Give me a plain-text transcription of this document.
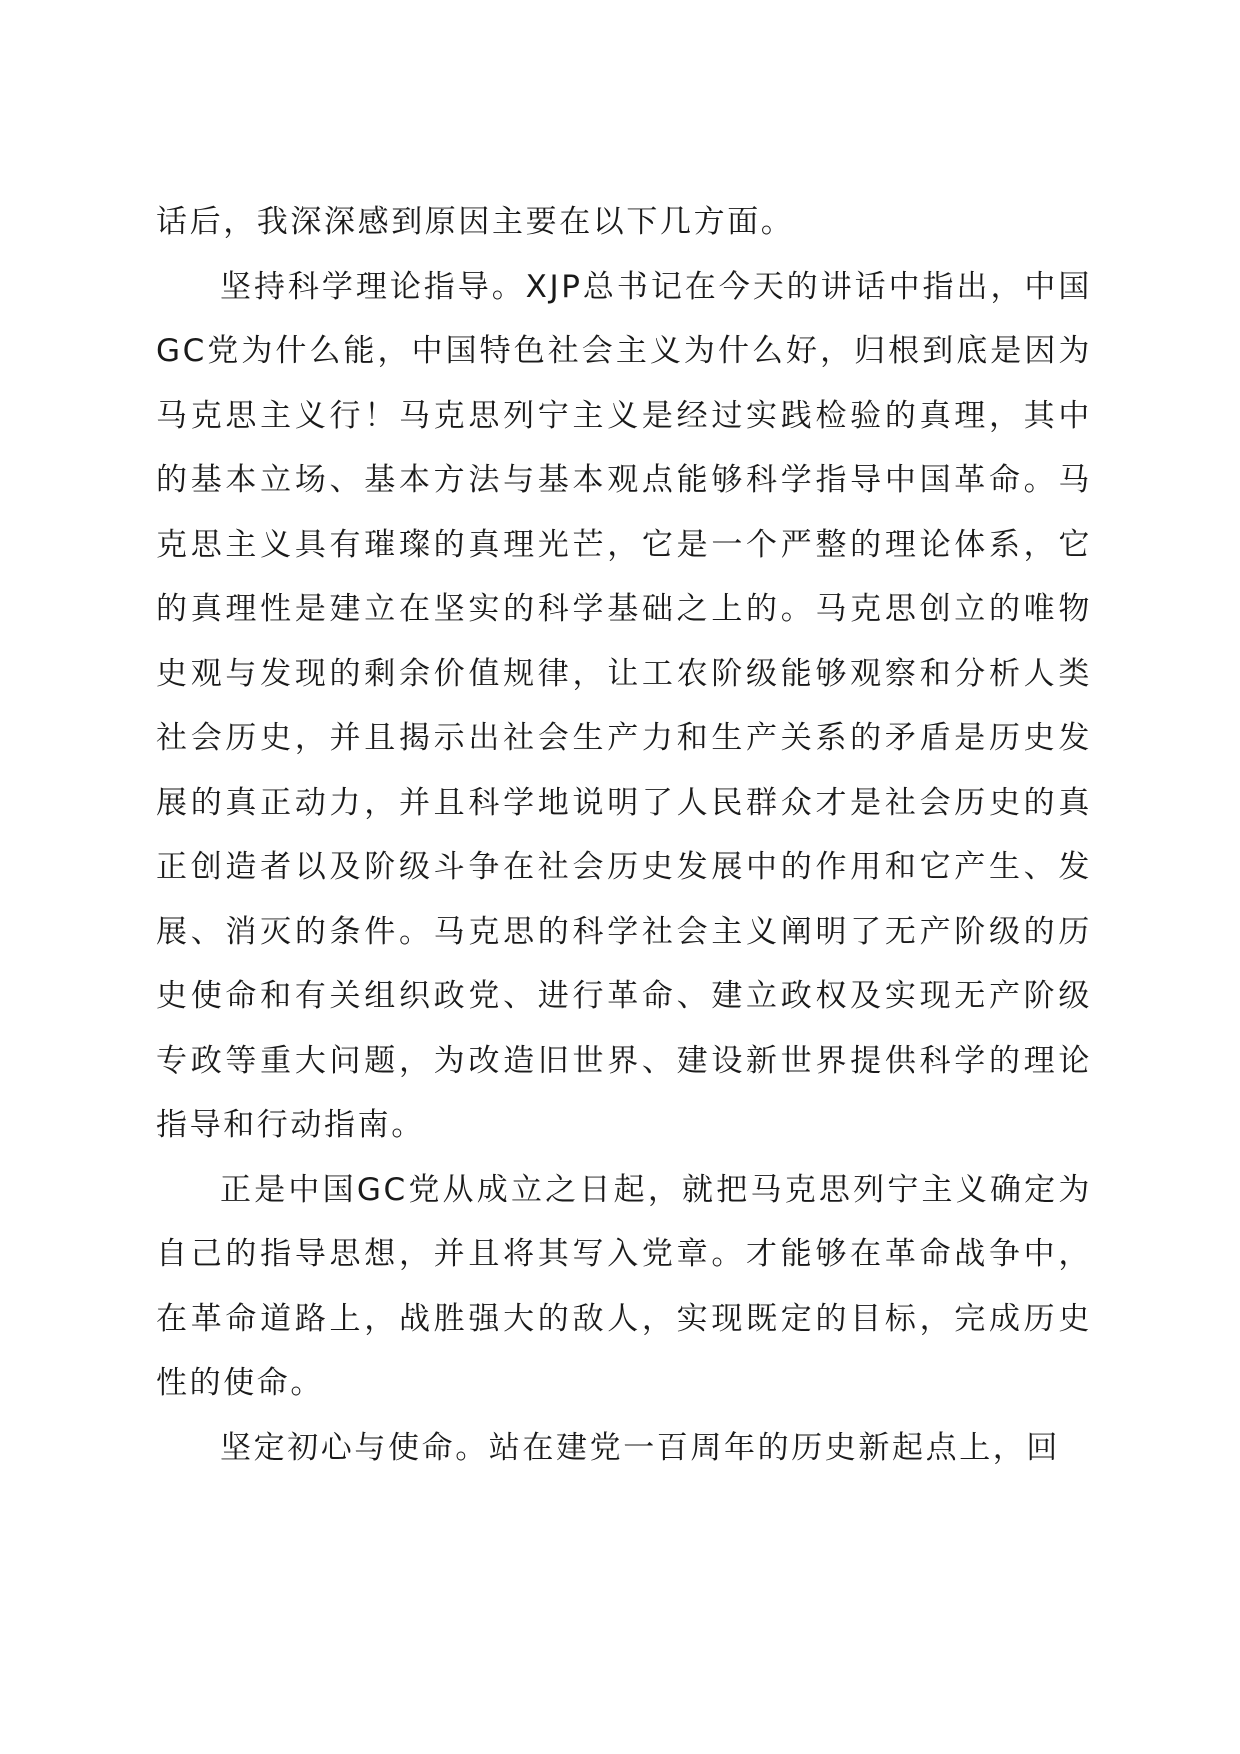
话后，我深深感到原因主要在以下几方面。

坚持科学理论指导。XJP总书记在今天的讲话中指出，中国GC党为什么能，中国特色社会主义为什么好，归根到底是因为马克思主义行！马克思列宁主义是经过实践检验的真理，其中的基本立场、基本方法与基本观点能够科学指导中国革命。马克思主义具有璀璨的真理光芒，它是一个严整的理论体系，它的真理性是建立在坚实的科学基础之上的。马克思创立的唯物史观与发现的剩余价值规律，让工农阶级能够观察和分析人类社会历史，并且揭示出社会生产力和生产关系的矛盾是历史发展的真正动力，并且科学地说明了人民群众才是社会历史的真正创造者以及阶级斗争在社会历史发展中的作用和它产生、发展、消灭的条件。马克思的科学社会主义阐明了无产阶级的历史使命和有关组织政党、进行革命、建立政权及实现无产阶级专政等重大问题，为改造旧世界、建设新世界提供科学的理论指导和行动指南。

正是中国GC党从成立之日起，就把马克思列宁主义确定为自己的指导思想，并且将其写入党章。才能够在革命战争中，在革命道路上，战胜强大的敌人，实现既定的目标，完成历史性的使命。

坚定初心与使命。站在建党一百周年的历史新起点上，回
